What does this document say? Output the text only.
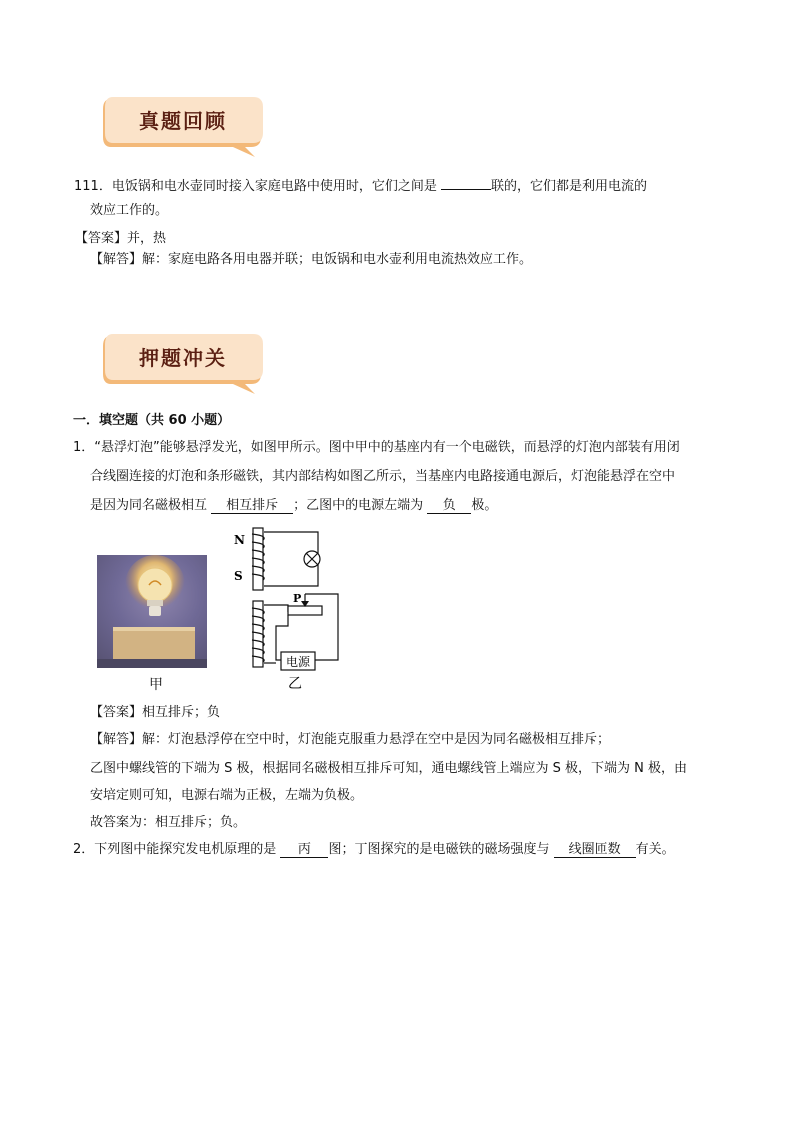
真题回顾
111．电饭锅和电水壶同时接入家庭电路中使用时，它们之间是	联的，它们都是利用电流的
效应工作的。
【答案】并，热
【解答】解：家庭电路各用电器并联；电饭锅和电水壶利用电流热效应工作。
押题冲关
一．填空题（共 60 小题）
1．“悬浮灯泡”能够悬浮发光，如图甲所示。图中甲中的基座内有一个电磁铁，而悬浮的灯泡内部装有用闭
合线圈连接的灯泡和条形磁铁，其内部结构如图乙所示，当基座内电路接通电源后，灯泡能悬浮在空中
是因为同名磁极相互 相互排斥 ；乙图中的电源左端为 负 极。
甲
N
S
P
电源
乙
【答案】相互排斥；负
【解答】解：灯泡悬浮停在空中时，灯泡能克服重力悬浮在空中是因为同名磁极相互排斥；
乙图中螺线管的下端为 S 极，根据同名磁极相互排斥可知，通电螺线管上端应为 S 极，下端为 N 极，由
安培定则可知，电源右端为正极，左端为负极。
故答案为：相互排斥；负。
2．下列图中能探究发电机原理的是 丙 图；丁图探究的是电磁铁的磁场强度与 线圈匝数 有关。
